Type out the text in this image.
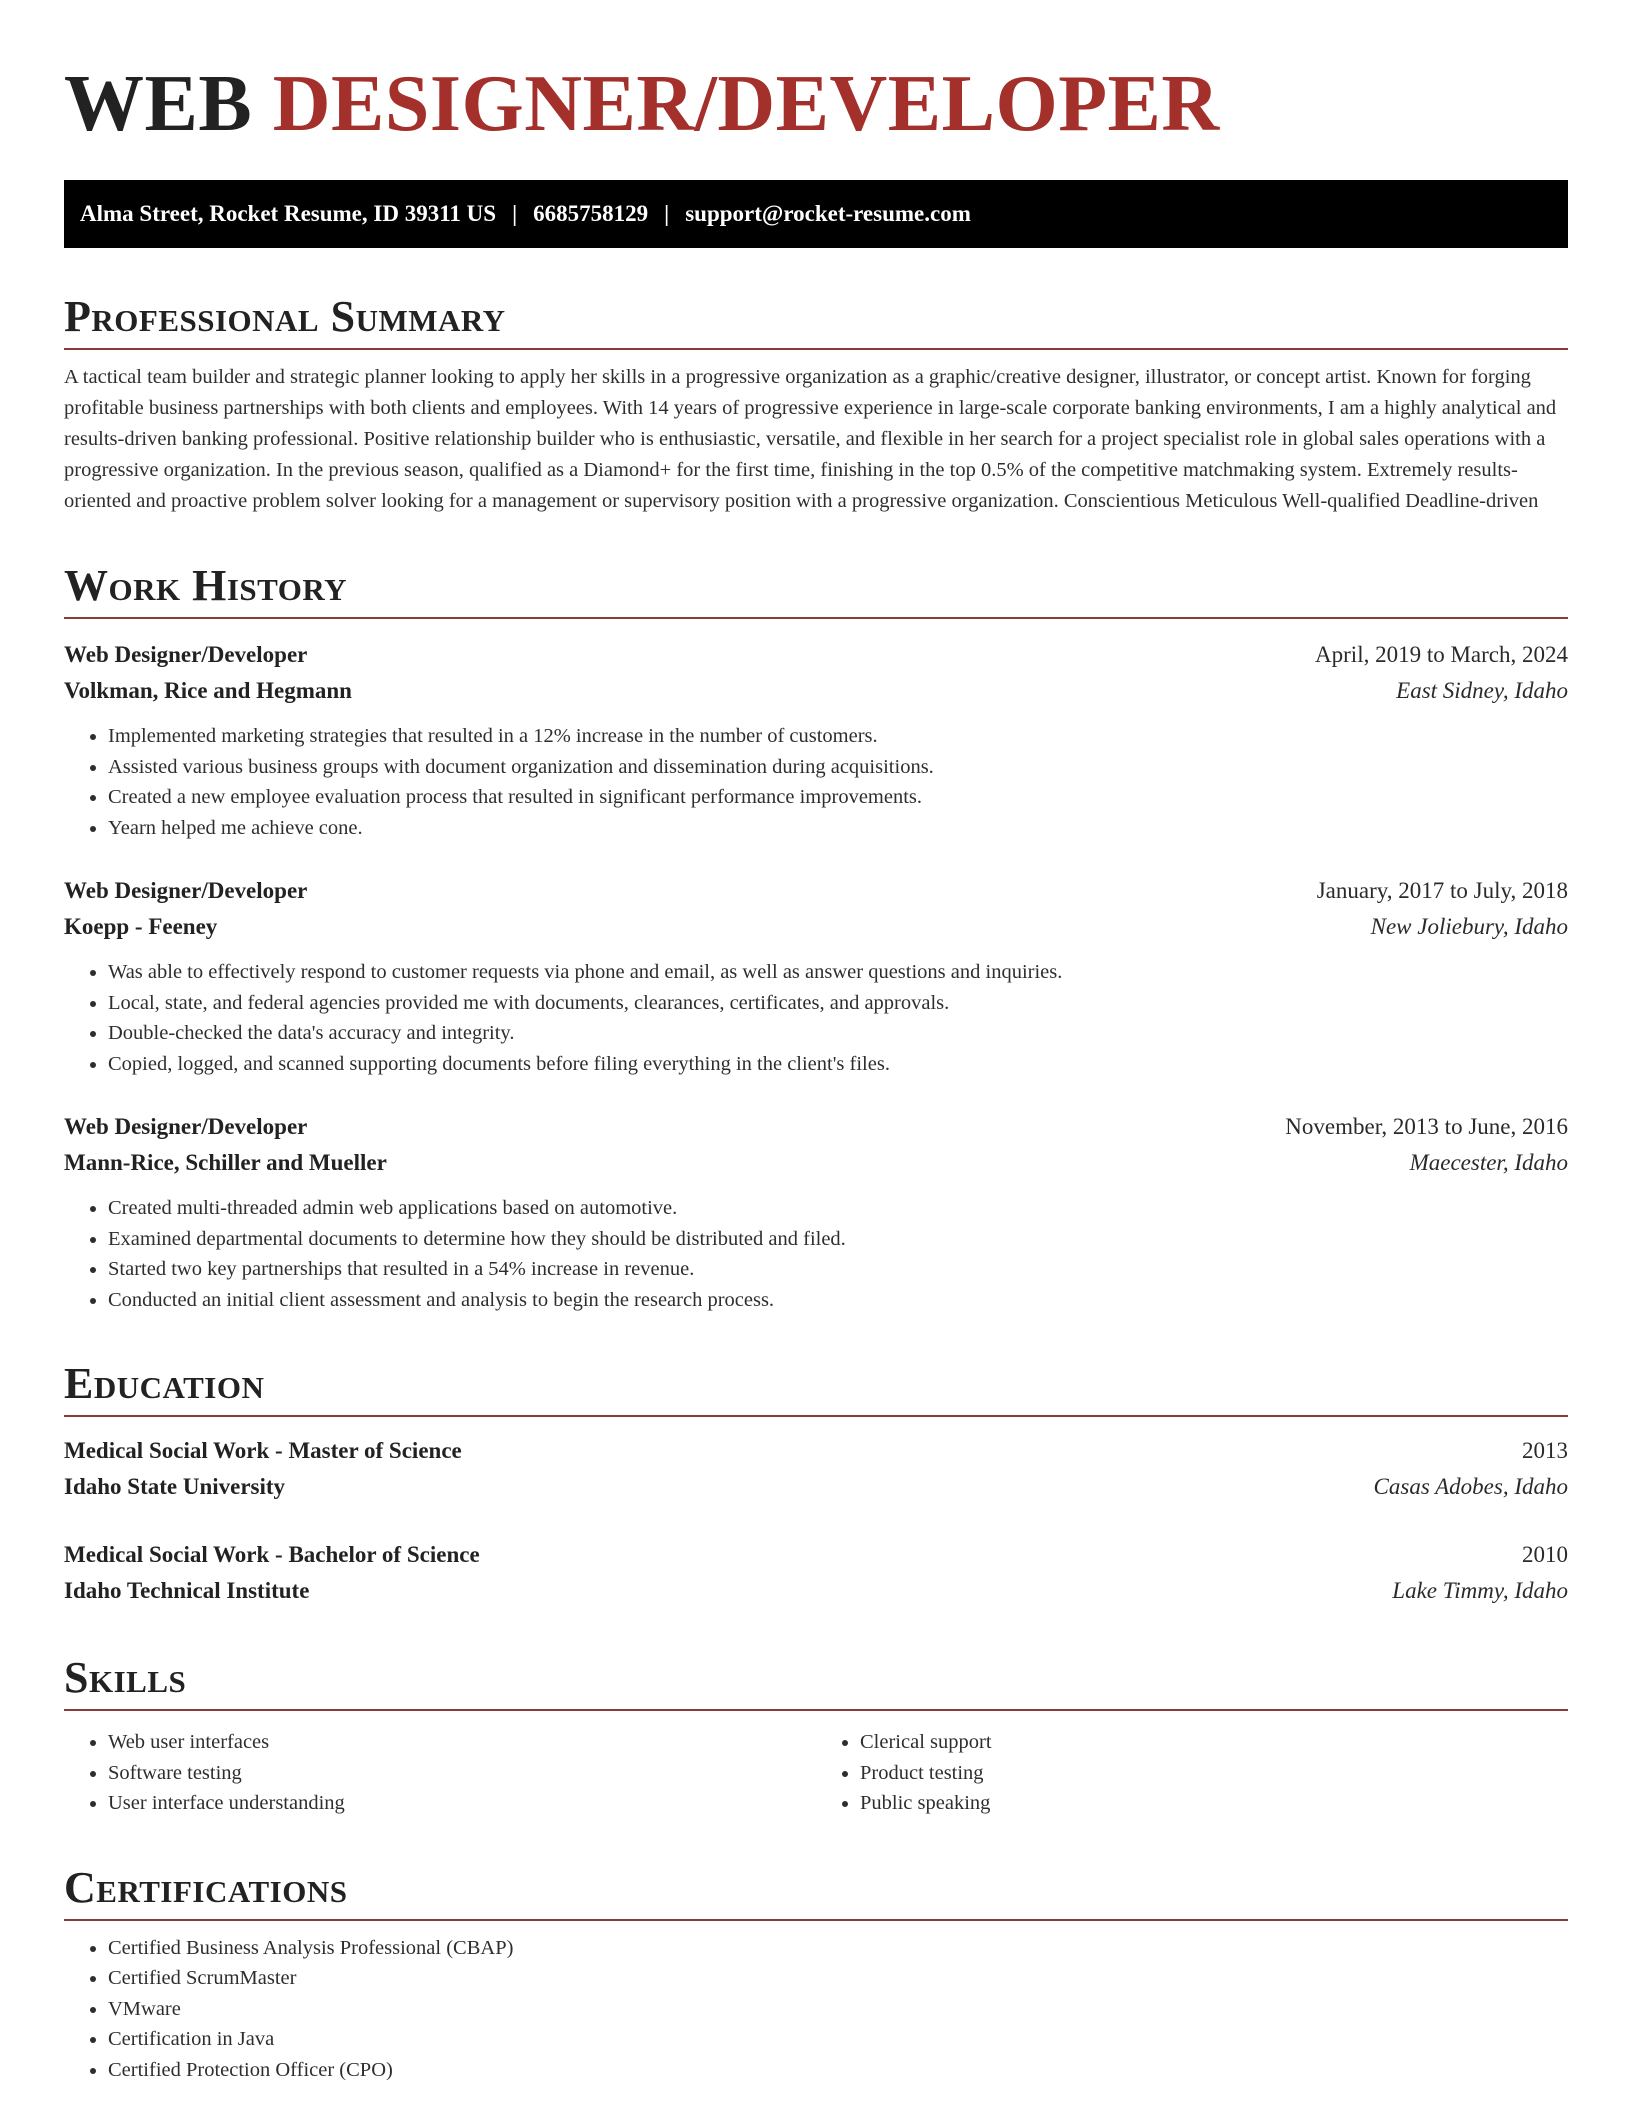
WEB DESIGNER/DEVELOPER
Alma Street, Rocket Resume, ID 39311 US | 6685758129 | support@rocket-resume.com
Professional Summary

A tactical team builder and strategic planner looking to apply her skills in a progressive organization as a graphic/creative designer, illustrator, or concept artist. Known for forging profitable business partnerships with both clients and employees. With 14 years of progressive experience in large-scale corporate banking environments, I am a highly analytical and results-driven banking professional. Positive relationship builder who is enthusiastic, versatile, and flexible in her search for a project specialist role in global sales operations with a progressive organization. In the previous season, qualified as a Diamond+ for the first time, finishing in the top 0.5% of the competitive matchmaking system. Extremely results-oriented and proactive problem solver looking for a management or supervisory position with a progressive organization. Conscientious Meticulous Well-qualified Deadline-driven

Work History
Web Designer/Developer	April, 2019 to March, 2024
Volkman, Rice and Hegmann	East Sidney, Idaho
• Implemented marketing strategies that resulted in a 12% increase in the number of customers.
• Assisted various business groups with document organization and dissemination during acquisitions.
• Created a new employee evaluation process that resulted in significant performance improvements.
• Yearn helped me achieve cone.
Web Designer/Developer	January, 2017 to July, 2018
Koepp - Feeney	New Joliebury, Idaho
• Was able to effectively respond to customer requests via phone and email, as well as answer questions and inquiries.
• Local, state, and federal agencies provided me with documents, clearances, certificates, and approvals.
• Double-checked the data's accuracy and integrity.
• Copied, logged, and scanned supporting documents before filing everything in the client's files.
Web Designer/Developer	November, 2013 to June, 2016
Mann-Rice, Schiller and Mueller	Maecester, Idaho
• Created multi-threaded admin web applications based on automotive.
• Examined departmental documents to determine how they should be distributed and filed.
• Started two key partnerships that resulted in a 54% increase in revenue.
• Conducted an initial client assessment and analysis to begin the research process.
Education
Medical Social Work - Master of Science	2013
Idaho State University	Casas Adobes, Idaho
Medical Social Work - Bachelor of Science	2010
Idaho Technical Institute	Lake Timmy, Idaho
Skills
• Web user interfaces
• Software testing
• User interface understanding
• Clerical support
• Product testing
• Public speaking
Certifications
• Certified Business Analysis Professional (CBAP)
• Certified ScrumMaster
• VMware
• Certification in Java
• Certified Protection Officer (CPO)
